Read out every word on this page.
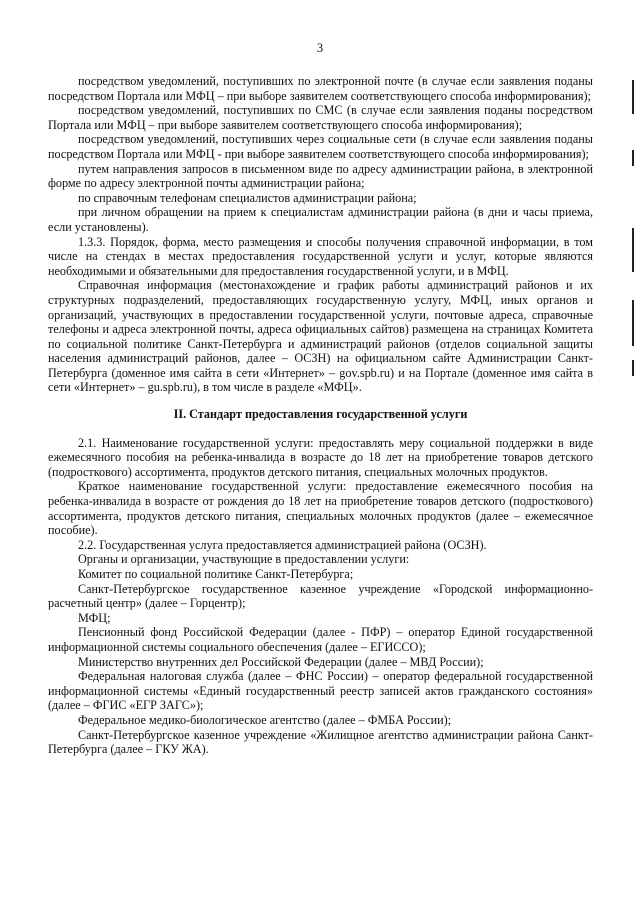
3

посредством уведомлений, поступивших по электронной почте (в случае если заявления поданы посредством Портала или МФЦ – при выборе заявителем соответствующего способа информирования);

посредством уведомлений, поступивших по СМС (в случае если заявления поданы посредством Портала или МФЦ – при выборе заявителем соответствующего способа информирования);

посредством уведомлений, поступивших через социальные сети (в случае если заявления поданы посредством Портала или МФЦ - при выборе заявителем соответствующего способа информирования);

путем направления запросов в письменном виде по адресу администрации района, в электронной форме по адресу электронной почты администрации района;

по справочным телефонам специалистов администрации района;

при личном обращении на прием к специалистам администрации района (в дни и часы приема, если установлены).

1.3.3. Порядок, форма, место размещения и способы получения справочной информации, в том числе на стендах в местах предоставления государственной услуги и услуг, которые являются необходимыми и обязательными для предоставления государственной услуги, и в МФЦ.

Справочная информация (местонахождение и график работы администраций районов и их структурных подразделений, предоставляющих государственную услугу, МФЦ, иных органов и организаций, участвующих в предоставлении государственной услуги, почтовые адреса, справочные телефоны и адреса электронной почты, адреса официальных сайтов) размещена на страницах Комитета по социальной политике Санкт-Петербурга и администраций районов (отделов социальной защиты населения администраций районов, далее – ОСЗН) на официальном сайте Администрации Санкт-Петербурга (доменное имя сайта в сети «Интернет» – gov.spb.ru) и на Портале (доменное имя сайта в сети «Интернет» – gu.spb.ru), в том числе в разделе «МФЦ».

II. Стандарт предоставления государственной услуги

2.1. Наименование государственной услуги: предоставлять меру социальной поддержки в виде ежемесячного пособия на ребенка-инвалида в возрасте до 18 лет на приобретение товаров детского (подросткового) ассортимента, продуктов детского питания, специальных молочных продуктов.

Краткое наименование государственной услуги: предоставление ежемесячного пособия на ребенка-инвалида в возрасте от рождения до 18 лет на приобретение товаров детского (подросткового) ассортимента, продуктов детского питания, специальных молочных продуктов (далее – ежемесячное пособие).

2.2. Государственная услуга предоставляется администрацией района (ОСЗН).

Органы и организации, участвующие в предоставлении услуги:

Комитет по социальной политике Санкт-Петербурга;

Санкт-Петербургское государственное казенное учреждение «Городской информационно-расчетный центр» (далее – Горцентр);

МФЦ;

Пенсионный фонд Российской Федерации (далее - ПФР) – оператор Единой государственной информационной системы социального обеспечения (далее – ЕГИССО);

Министерство внутренних дел Российской Федерации (далее – МВД России);

Федеральная налоговая служба (далее – ФНС России) – оператор федеральной государственной информационной системы «Единый государственный реестр записей актов гражданского состояния» (далее – ФГИС «ЕГР ЗАГС»);

Федеральное медико-биологическое агентство (далее – ФМБА России);

Санкт-Петербургское казенное учреждение «Жилищное агентство администрации района Санкт-Петербурга (далее – ГКУ ЖА).
